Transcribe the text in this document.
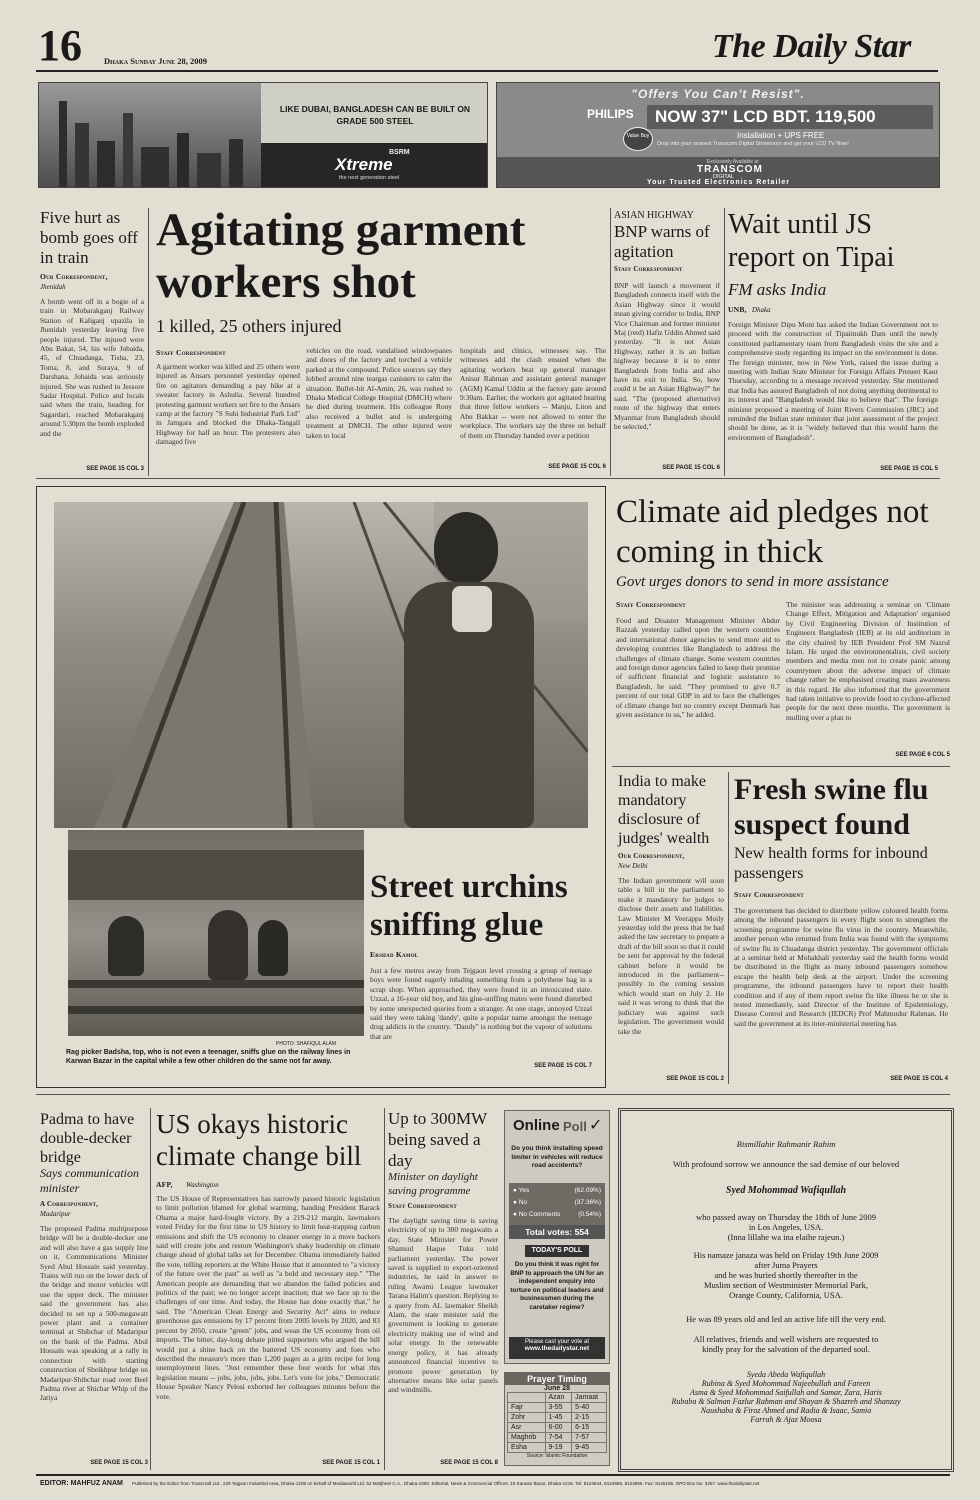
16	Dhaka Sunday June 28, 2009	The Daily Star
LIKE DUBAI, BANGLADESH CAN BE BUILT ON GRADE 500 STEEL
BSRM
Xtreme
the next generation steel
"Offers You Can't Resist".
PHILIPS NOW 37" LCD BDT. 119,500
Installation + UPS FREE
Drop into your nearest Transcom Digital Showroom and get your LCD TV Now!
Value Buy
Exclusively Available at
TRANSCOM
DIGITAL
Your Trusted Electronics Retailer
Five hurt as bomb goes off in train
Our Correspondent,
Jhenidah
A bomb went off in a bogie of a train in Mobarakganj Railway Station of Kaliganj upazila in Jhenidah yesterday leaving five people injured. The injured were Abu Bakar, 54, his wife Jobaida, 45, of Chuadanga, Tisha, 23, Toma, 8, and Suraya, 9 of Darshana. Jobaida was seriously injured. She was rushed to Jessore Sadar Hospital. Police and locals said when the train, heading for Sagardari, reached Mobarakganj around 5:30pm the bomb exploded and the
SEE PAGE 15 COL 3
Agitating garment workers shot
1 killed, 25 others injured
Staff Correspondent
A garment worker was killed and 25 others were injured as Ansars personnel yesterday opened fire on agitators demanding a pay hike at a sweater factory in Ashulia. Several hundred protesting garment workers set fire to the Ansars camp at the factory "S Suhi Industrial Park Ltd" in Jamgara and blocked the Dhaka-Tangail Highway for half an hour. The protesters also damaged five
vehicles on the road, vandalised windowpanes and doors of the factory and torched a vehicle parked at the compound. Police sources say they lobbed around nine teargas canisters to calm the situation. Bullet-hit Al-Amin, 26, was rushed to Dhaka Medical College Hospital (DMCH) where he died during treatment. His colleague Rony also received a bullet and is undergoing treatment at DMCH. The other injured were taken to local
hospitals and clinics, witnesses say. The witnesses add the clash ensued when the agitating workers beat up general manager Anisur Rahman and assistant general manager (AGM) Kamal Uddin at the factory gate around 9:30am. Earlier, the workers got agitated hearing that three fellow workers -- Manju, Liton and Abu Bakkar -- were not allowed to enter the workplace. The workers say the three on behalf of them on Thursday handed over a petition
SEE PAGE 15 COL 6
ASIAN HIGHWAY
BNP warns of agitation
Staff Correspondent
BNP will launch a movement if Bangladesh connects itself with the Asian Highway since it would mean giving corridor to India, BNP Vice Chairman and former minister Maj (retd) Hafiz Uddin Ahmed said yesterday. "It is not Asian Highway, rather it is an Indian highway because it is to enter Bangladesh from India and also have its exit to India. So, how could it be an Asian Highway?" he said. "The (proposed alternative) route of the highway that enters Myanmar from Bangladesh should be selected,"
SEE PAGE 15 COL 6
Wait until JS report on Tipai
FM asks India
UNB, Dhaka
Foreign Minister Dipu Moni has asked the Indian Government not to proceed with the construction of Tipaimukh Dam until the newly constituted parliamentary team from Bangladesh visits the site and a comprehensive study regarding its impact on the environment is done. The foreign minister, now in New York, raised the issue during a meeting with Indian State Minister for Foreign Affairs Preneet Kaur Thursday, according to a message received yesterday. She mentioned that India has assured Bangladesh of not doing anything detrimental to its interest and "Bangladesh would like to believe that". The foreign minister proposed a meeting of Joint Rivers Commission (JRC) and reminded the Indian state minister that joint assessment of the project should be done, as it is "widely believed that this would harm the environment of Bangladesh".
SEE PAGE 15 COL 5
PHOTO: SHAFIQUL ALAM
Rag picker Badsha, top, who is not even a teenager, sniffs glue on the railway lines in Karwan Bazar in the capital while a few other children do the same not far away.
Street urchins sniffing glue
Ershad Kamol
Just a few metres away from Tejgaon level crossing a group of teenage boys were found eagerly inhaling something from a polythene bag in a scrap shop. When approached, they were found in an intoxicated state. Uzzal, a 16-year old boy, and his glue-sniffing mates were found disturbed by some unexpected queries from a stranger. At one stage, annoyed Uzzal said they were taking 'dandy', quite a popular name amongst the teenage drug addicts in the country. "Dandy" is nothing but the vapour of solutions that are
SEE PAGE 15 COL 7
Climate aid pledges not coming in thick
Govt urges donors to send in more assistance
Staff Correspondent
Food and Disaster Management Minister Abdur Razzak yesterday called upon the western countries and international donor agencies to send more aid to developing countries like Bangladesh to address the challenges of climate change. Some western countries and foreign donor agencies failed to keep their promise of sufficient financial and logistic assistance to Bangladesh, he said. "They promised to give 0.7 percent of our total GDP in aid to face the challenges of climate change but no country except Denmark has given assistance to us," he added.
The minister was addressing a seminar on 'Climate Change Effect, Mitigation and Adaptation' organised by Civil Engineering Division of Institution of Engineers Bangladesh (IEB) at its old auditorium in the city chaired by IEB President Prof SM Nazrul Islam. He urged the environmentalists, civil society members and media men not to create panic among countrymen about the adverse impact of climate change rather he emphasised creating mass awareness in this regard. He also informed that the government had taken initiative to provide food to cyclone-affected people for the next three months. The government is mulling over a plan to
SEE PAGE 6 COL 5
India to make mandatory disclosure of judges' wealth
Our Correspondent,
New Delhi
The Indian government will soon table a bill in the parliament to make it mandatory for judges to disclose their assets and liabilities. Law Minister M Veerappa Moily yesterday told the press that he had asked the law secretary to prepare a draft of the bill soon so that it could be sent for approval by the federal cabinet before it would be introduced in the parliament--possibly in the coming session which would start on July 2. He said it was wrong to think that the judiciary was against such legislation. The government would take the
SEE PAGE 15 COL 2
Fresh swine flu suspect found
New health forms for inbound passengers
Staff Correspondent
The government has decided to distribute yellow coloured health forms among the inbound passengers in every flight soon to strengthen the screening programme for swine flu virus in the country. Meanwhile, another person who returned from India was found with the symptoms of swine flu in Chuadanga district yesterday. The government officials at a seminar held at Mohakhali yesterday said the health forms would be distributed in the flight as many inbound passengers somehow escape the health help desk at the airport. Under the screening programme, the inbound passengers have to report their health condition and if any of them report swine flu like illness he or she is tested immediately, said Director of the Institute of Epidemiology, Disease Control and Research (IEDCR) Prof Mahmudur Rahman. He said the government at its inter-ministerial meeting has
SEE PAGE 15 COL 4
Padma to have double-decker bridge
Says communication minister
A Correspondent,
Madaripur
The proposed Padma multipurpose bridge will be a double-decker one and will also have a gas supply line on it, Communications Minister Syed Abul Hossain said yesterday. Trains will run on the lower deck of the bridge and motor vehicles will use the upper deck. The minister said the government has also decided to set up a 500-megawatt power plant and a container terminal at Shibchar of Madaripur on the bank of the Padma. Abul Hossain was speaking at a rally in connection with starting construction of Sheikhpur bridge on Madaripur-Shibchar road over Beel Padma river at Shichar Whip of the Jatiya
SEE PAGE 15 COL 3
US okays historic climate change bill
AFP, Washington
The US House of Representatives has narrowly passed historic legislation to limit pollution blamed for global warming, handing President Barack Obama a major hard-fought victory. By a 219-212 margin, lawmakers voted Friday for the first time in US history to limit heat-trapping carbon emissions and shift the US economy to cleaner energy in a move backers said will create jobs and restore Washington's shaky leadership on climate change ahead of global talks set for December. Obama immediately hailed the vote, telling reporters at the White House that it amounted to "a victory of the future over the past" as well as "a bold and necessary step." "The American people are demanding that we abandon the failed policies and politics of the past; we no longer accept inaction; that we face up to the challenges of our time. And today, the House has done exactly that," he said. The "American Clean Energy and Security Act" aims to reduce greenhouse gas emissions by 17 percent from 2005 levels by 2020, and 83 percent by 2050, create "green" jobs, and wean the US economy from oil imports. The bitter, day-long debate pitted supporters who argued the bill would put a shine back on the battered US economy and foes who described the measure's more than 1,200 pages as a grim recipe for long unemployment lines. "Just remember these four words for what this legislation means -- jobs, jobs, jobs, jobs. Let's vote for jobs," Democratic House Speaker Nancy Pelosi exhorted her colleagues minutes before the vote.
SEE PAGE 15 COL 1
Up to 300MW being saved a day
Minister on daylight saving programme
Staff Correspondent
The daylight saving time is saving electricity of up to 300 megawatts a day, State Minister for Power Shamsul Haque Tuku told parliament yesterday. The power saved is supplied to export-oriented industries, he said in answer to ruling Awami League lawmaker Tarana Halim's question. Replying to a query from AL lawmaker Sheikh Alam, the state minister said the government is looking to generate electricity making use of wind and solar energy. In the renewable energy policy, it has already announced financial incentive to promote power generation by alternative means like solar panels and windmills.
SEE PAGE 15 COL 8
Online Poll ✓
Do you think installing speed limiter in vehicles will reduce road accidents?
● Yes	(62.09%)
● No	(37.36%)
● No Comments	(0.54%)
Total votes: 554
TODAY'S POLL
Do you think it was right for BNP to approach the UN for an independent enquiry into torture on political leaders and businessmen during the caretaker regime?
Please cast your vote at
www.thedailystar.net
Prayer Timing
June 28
	Azan	Jamaat
Fajr	3-55	5-40
Zohr	1-45	2-15
Asr	6-00	6-15
Maghrib	7-54	7-57
Esha	9-19	9-45
Source: Islamic Foundation
Bismillahir Rahmanir Rahim
With profound sorrow we announce the sad demise of our beloved
Syed Mohommad Wafiqullah
who passed away on Thursday the 18th of June 2009
in Los Angeles, USA.
(Inna lillahe wa ina elaihe rajeun.)
His namaze janaza was held on Friday 19th June 2009
after Juma Prayers
and he was buried shortly thereafter in the
Muslim section of Westminister Memorial Park,
Orange County, California, USA.
He was 89 years old and led an active life till the very end.
All relatives, friends and well wishers are requested to
kindly pray for the salvation of the departed soul.
Syeda Abeda Wafiqullah
Rubina & Syed Mohommad Najeebullah and Fareen
Asma & Syed Mohommad Saifullah and Samar, Zara, Haris
Rubaba & Salman Fazlur Rahman and Shayan & Shazreh and Shanzay
Naushaba & Firoz Ahmed and Radia & Isaac, Samia
Farrah & Ajaz Moosa
EDITOR: MAHFUZ ANAM Published by the Editor from Transcraft Ltd., 229 Tejgaon Industrial Area, Dhaka-1208 on behalf of Mediaworld Ltd. 52 Motijheel C.A., Dhaka-1000. Editorial, News & Commercial Offices: 19 Karwan Bazar, Dhaka-1215. Tel: 8124944, 8124955, 8124966. Fax: 8125155. GPO Box No: 3257. www.thedailystar.net
